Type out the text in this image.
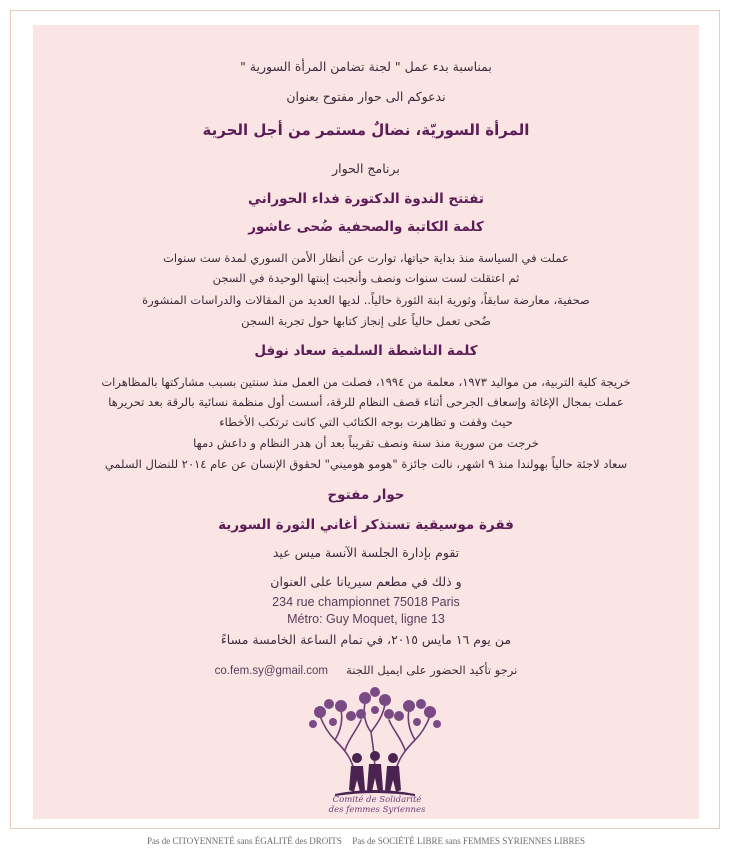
بمناسبة بدء عمل " لجنة تضامن المرأة السورية "
ندعوكم الى حوار مفتوح بعنوان
المرأة السوريّة، نضالٌ مستمر من أجل الحرية
برنامج الحوار
تفتتح الندوة الدكتورة فداء الحوراني
كلمة الكاتبة والصحفية ضُحى عاشور
عملت في السياسة منذ بداية حياتها، توارت عن أنظار الأمن السوري لمدة ست سنوات
ثم اعتقلت لست سنوات ونصف وأنجبت إبنتها الوحيدة في السجن
صحفية، معارضة سابقاً، وثورية ابنة الثورة حالياً.. لديها العديد من المقالات والدراسات المنشورة
ضُحى تعمل حالياً على إنجاز كتابها حول تجربة السجن
كلمة الناشطة السلمية سعاد نوفل
خريجة كلية التربية، من مواليد ١٩٧٣، معلمة من ١٩٩٤، فصلت من العمل منذ سنتين بسبب مشاركتها بالمظاهرات
عملت بمجال الإغاثة وإسعاف الجرحى أثناء قصف النظام للرقة، أسست أول منظمة نسائية بالرقة بعد تحريرها
حيث وقفت و تظاهرت بوجه الكتائب التي كانت ترتكب الأخطاء
خرجت من سورية منذ سنة ونصف تقريباً بعد أن هدر النظام و داعش دمها
سعاد لاجئة حالياً بهولندا منذ ٩ اشهر، نالت جائزة "هومو هوميني" لحقوق الإنسان عن عام ٢٠١٤ للنضال السلمي
حوار مفتوح
فقرة موسيقية تستذكر أغاني الثورة السورية
تقوم بإدارة الجلسة الآنسة ميس عيد
و ذلك في مطعم سيريانا على العنوان
234 rue championnet 75018 Paris
Métro: Guy Moquet, ligne 13
من يوم ١٦ مايس ٢٠١٥، في تمام الساعة الخامسة مساءً
نرجو تأكيد الحضور على ايميل اللجنة  co.fem.sy@gmail.com
Comité de Solidarité
des femmes Syriennes
Pas de CITOYENNETÉ sans ÉGALITÉ des DROITS Pas de SOCIÉTÉ LIBRE sans FEMMES SYRIENNES LIBRES
